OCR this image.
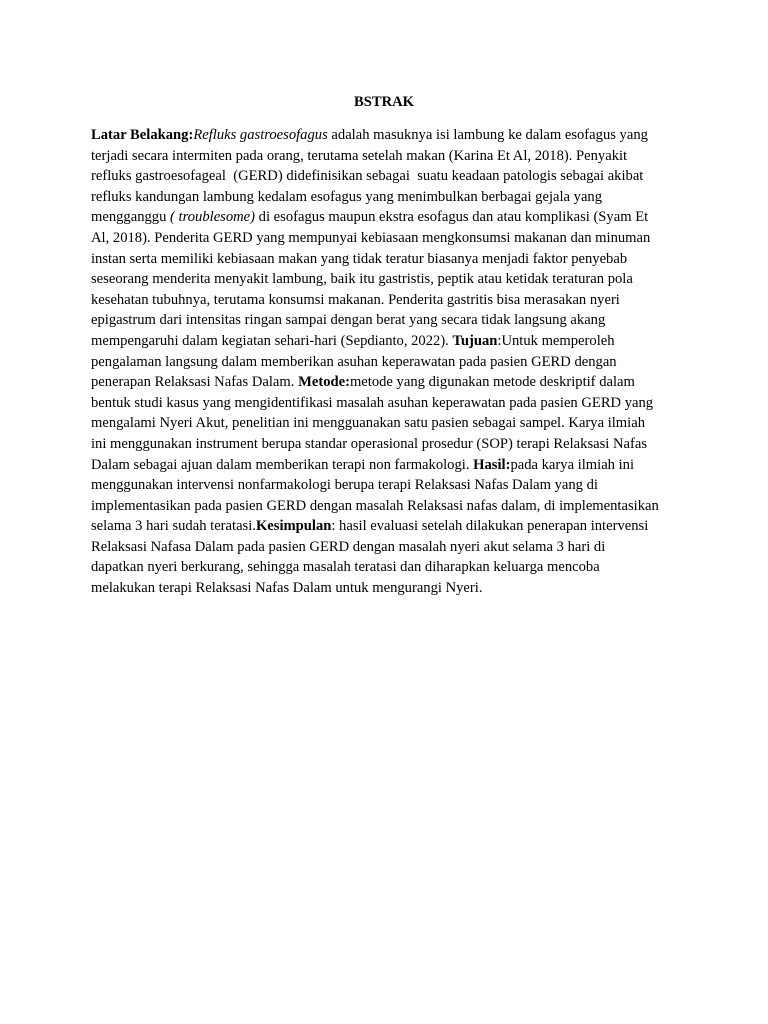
BSTRAK
Latar Belakang:Refluks gastroesofagus adalah masuknya isi lambung ke dalam esofagus yang
terjadi secara intermiten pada orang, terutama setelah makan (Karina Et Al, 2018). Penyakit
refluks gastroesofageal  (GERD) didefinisikan sebagai  suatu keadaan patologis sebagai akibat
refluks kandungan lambung kedalam esofagus yang menimbulkan berbagai gejala yang
mengganggu ( troublesome) di esofagus maupun ekstra esofagus dan atau komplikasi (Syam Et
Al, 2018). Penderita GERD yang mempunyai kebiasaan mengkonsumsi makanan dan minuman
instan serta memiliki kebiasaan makan yang tidak teratur biasanya menjadi faktor penyebab
seseorang menderita menyakit lambung, baik itu gastristis, peptik atau ketidak teraturan pola
kesehatan tubuhnya, terutama konsumsi makanan. Penderita gastritis bisa merasakan nyeri
epigastrum dari intensitas ringan sampai dengan berat yang secara tidak langsung akang
mempengaruhi dalam kegiatan sehari-hari (Sepdianto, 2022). Tujuan:Untuk memperoleh
pengalaman langsung dalam memberikan asuhan keperawatan pada pasien GERD dengan
penerapan Relaksasi Nafas Dalam. Metode:metode yang digunakan metode deskriptif dalam
bentuk studi kasus yang mengidentifikasi masalah asuhan keperawatan pada pasien GERD yang
mengalami Nyeri Akut, penelitian ini mengguanakan satu pasien sebagai sampel. Karya ilmiah
ini menggunakan instrument berupa standar operasional prosedur (SOP) terapi Relaksasi Nafas
Dalam sebagai ajuan dalam memberikan terapi non farmakologi. Hasil:pada karya ilmiah ini
menggunakan intervensi nonfarmakologi berupa terapi Relaksasi Nafas Dalam yang di
implementasikan pada pasien GERD dengan masalah Relaksasi nafas dalam, di implementasikan
selama 3 hari sudah teratasi.Kesimpulan: hasil evaluasi setelah dilakukan penerapan intervensi
Relaksasi Nafasa Dalam pada pasien GERD dengan masalah nyeri akut selama 3 hari di
dapatkan nyeri berkurang, sehingga masalah teratasi dan diharapkan keluarga mencoba
melakukan terapi Relaksasi Nafas Dalam untuk mengurangi Nyeri.
